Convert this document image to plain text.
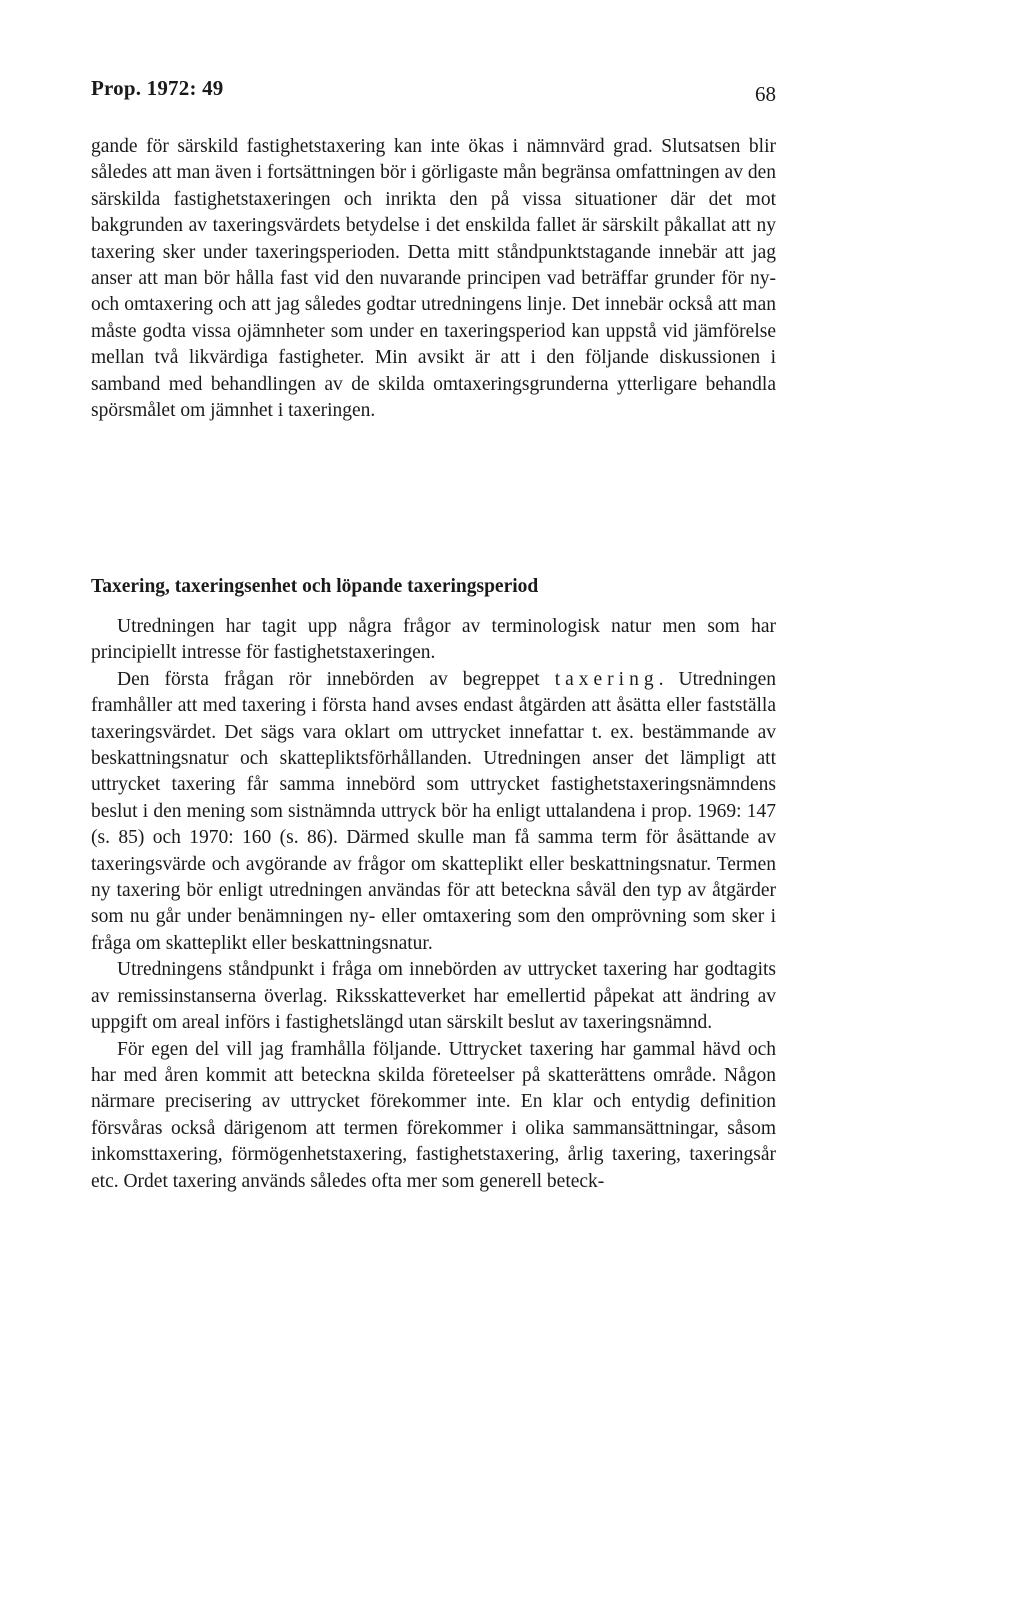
Prop. 1972: 49	68

gande för särskild fastighetstaxering kan inte ökas i nämnvärd grad. Slutsatsen blir således att man även i fortsättningen bör i görligaste mån begränsa omfattningen av den särskilda fastighetstaxeringen och inrikta den på vissa situationer där det mot bakgrunden av taxeringsvärdets betydelse i det enskilda fallet är särskilt påkallat att ny taxering sker under taxeringsperioden. Detta mitt ståndpunktstagande innebär att jag anser att man bör hålla fast vid den nuvarande principen vad beträffar grunder för ny- och omtaxering och att jag således godtar utredningens linje. Det innebär också att man måste godta vissa ojämnheter som under en taxeringsperiod kan uppstå vid jämförelse mellan två likvärdiga fastigheter. Min avsikt är att i den följande diskussionen i samband med behandlingen av de skilda omtaxeringsgrunderna ytterligare behandla spörsmålet om jämnhet i taxeringen.

Taxering, taxeringsenhet och löpande taxeringsperiod

Utredningen har tagit upp några frågor av terminologisk natur men som har principiellt intresse för fastighetstaxeringen.

Den första frågan rör innebörden av begreppet taxering. Utredningen framhåller att med taxering i första hand avses endast åtgärden att åsätta eller fastställa taxeringsvärdet. Det sägs vara oklart om uttrycket innefattar t. ex. bestämmande av beskattningsnatur och skattepliktsförhållanden. Utredningen anser det lämpligt att uttrycket taxering får samma innebörd som uttrycket fastighetstaxeringsnämndens beslut i den mening som sistnämnda uttryck bör ha enligt uttalandena i prop. 1969: 147 (s. 85) och 1970: 160 (s. 86). Därmed skulle man få samma term för åsättande av taxeringsvärde och avgörande av frågor om skatteplikt eller beskattningsnatur. Termen ny taxering bör enligt utredningen användas för att beteckna såväl den typ av åtgärder som nu går under benämningen ny- eller omtaxering som den omprövning som sker i fråga om skatteplikt eller beskattningsnatur.

Utredningens ståndpunkt i fråga om innebörden av uttrycket taxering har godtagits av remissinstanserna överlag. Riksskatteverket har emellertid påpekat att ändring av uppgift om areal införs i fastighetslängd utan särskilt beslut av taxeringsnämnd.

För egen del vill jag framhålla följande. Uttrycket taxering har gammal hävd och har med åren kommit att beteckna skilda företeelser på skatterättens område. Någon närmare precisering av uttrycket förekommer inte. En klar och entydig definition försvåras också därigenom att termen förekommer i olika sammansättningar, såsom inkomsttaxering, förmögenhetstaxering, fastighetstaxering, årlig taxering, taxeringsår etc. Ordet taxering används således ofta mer som generell beteck-
